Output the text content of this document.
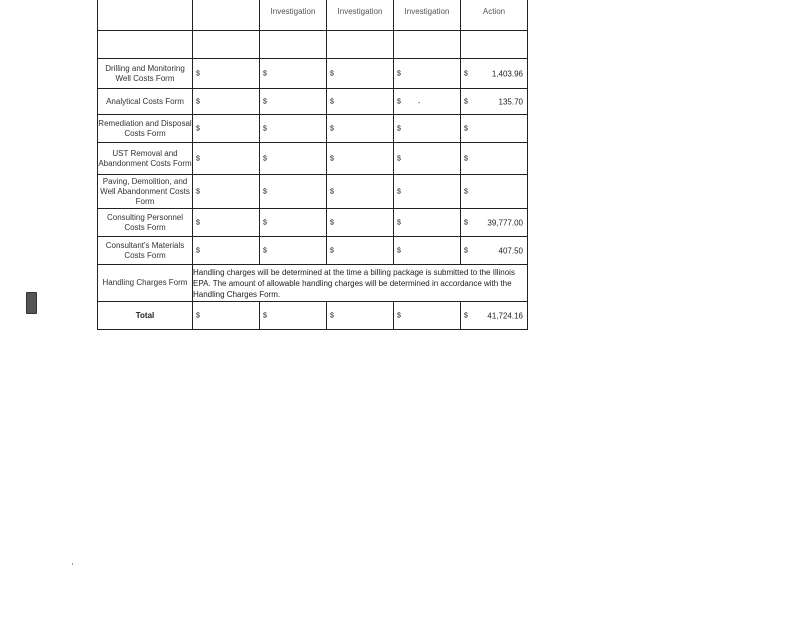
		Investigation	Investigation	Investigation	Action

Drilling and Monitoring Well Costs Form	$	$	$	$	$ 1,403.96

Analytical Costs Form	$	$	$	$ -	$ 135.70

Remediation and Disposal Costs Form	$	$	$	$	$

UST Removal and Abandonment Costs Form	$	$	$	$	$

Paving, Demolition, and Well Abandonment Costs Form	$	$	$	$	$

Consulting Personnel Costs Form	$	$	$	$	$ 39,777.00

Consultant's Materials Costs Form	$	$	$	$	$ 407.50

Handling Charges Form	Handling charges will be determined at the time a billing package is submitted to the Illinois EPA. The amount of allowable handling charges will be determined in accordance with the Handling Charges Form.				
Total	$	$	$	$	$ 41,724.16
